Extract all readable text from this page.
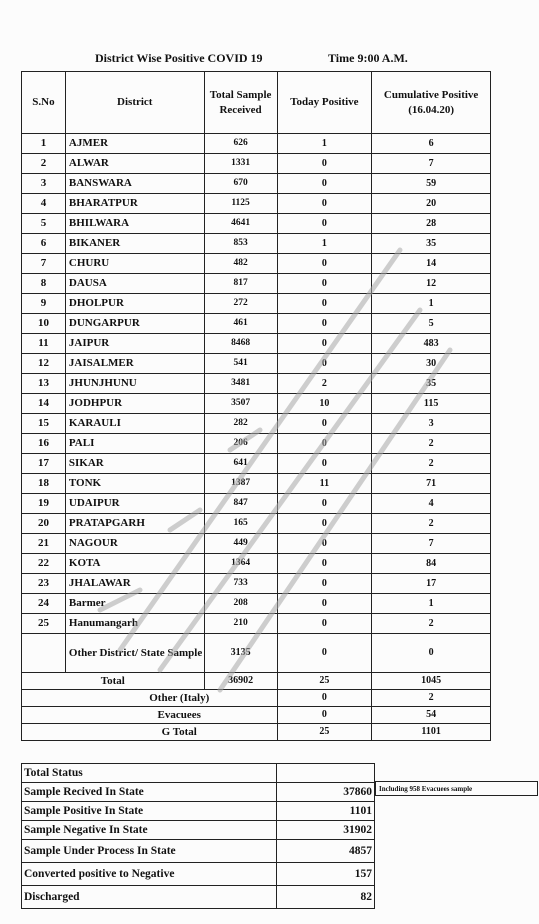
District Wise Positive COVID 19	Time 9:00 A.M.
S.No	District	Total Sample Received	Today Positive	Cumulative Positive (16.04.20)
1	AJMER	626	1	6
2	ALWAR	1331	0	7
3	BANSWARA	670	0	59
4	BHARATPUR	1125	0	20
5	BHILWARA	4641	0	28
6	BIKANER	853	1	35
7	CHURU	482	0	14
8	DAUSA	817	0	12
9	DHOLPUR	272	0	1
10	DUNGARPUR	461	0	5
11	JAIPUR	8468	0	483
12	JAISALMER	541	0	30
13	JHUNJHUNU	3481	2	35
14	JODHPUR	3507	10	115
15	KARAULI	282	0	3
16	PALI	206	0	2
17	SIKAR	641	0	2
18	TONK	1387	11	71
19	UDAIPUR	847	0	4
20	PRATAPGARH	165	0	2
21	NAGOUR	449	0	7
22	KOTA	1364	0	84
23	JHALAWAR	733	0	17
24	Barmer	208	0	1
25	Hanumangarh	210	0	2
	Other District/ State Sample	3135	0	0
Total		36902	25	1045
Other (Italy)			0	2
Evacuees			0	54
G Total			25	1101
Total Status	
Sample Recived In State	37860
Sample Positive In State	1101
Sample Negative In State	31902
Sample Under Process In State	4857
Converted positive to Negative	157
Discharged	82
Including 958 Evacuees sample
